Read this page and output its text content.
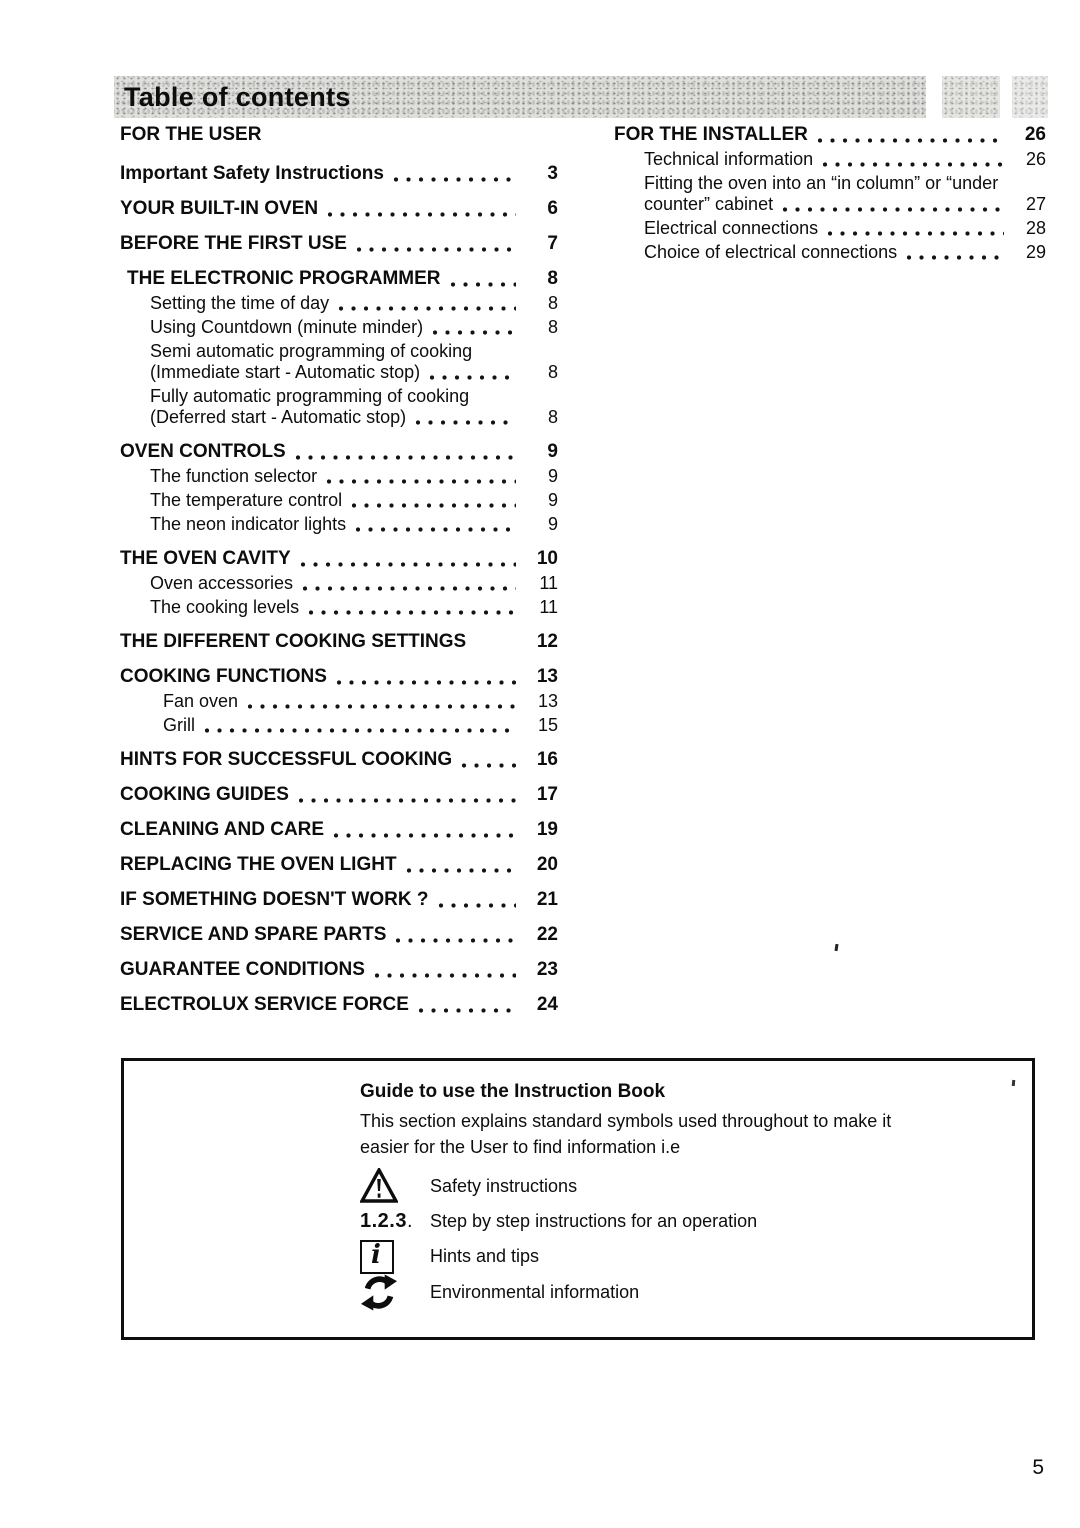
Table of contents
FOR THE USER
Important Safety Instructions	3
YOUR BUILT-IN OVEN	6
BEFORE THE FIRST USE	7
THE ELECTRONIC PROGRAMMER	8
Setting the time of day	8
Using Countdown (minute minder)	8
Semi automatic programming of cooking
(Immediate start - Automatic stop)	8
Fully automatic programming of cooking
(Deferred start - Automatic stop)	8
OVEN CONTROLS	9
The function selector	9
The temperature control	9
The neon indicator lights	9
THE OVEN CAVITY	10
Oven accessories	11
The cooking levels	11
THE DIFFERENT COOKING SETTINGS	12
COOKING FUNCTIONS	13
Fan oven	13
Grill	15
HINTS FOR SUCCESSFUL COOKING	16
COOKING GUIDES	17
CLEANING AND CARE	19
REPLACING THE OVEN LIGHT	20
IF SOMETHING DOESN'T WORK ?	21
SERVICE AND SPARE PARTS	22
GUARANTEE CONDITIONS	23
ELECTROLUX SERVICE FORCE	24
FOR THE INSTALLER	26
Technical information	26
Fitting the oven into an “in column” or “under
counter” cabinet	27
Electrical connections	28
Choice of electrical connections	29
Guide to use the Instruction Book
This section explains standard symbols used throughout to make it
easier for the User to find information i.e
Safety instructions
1.2.3. Step by step instructions for an operation
i	Hints and tips
Environmental information
5
